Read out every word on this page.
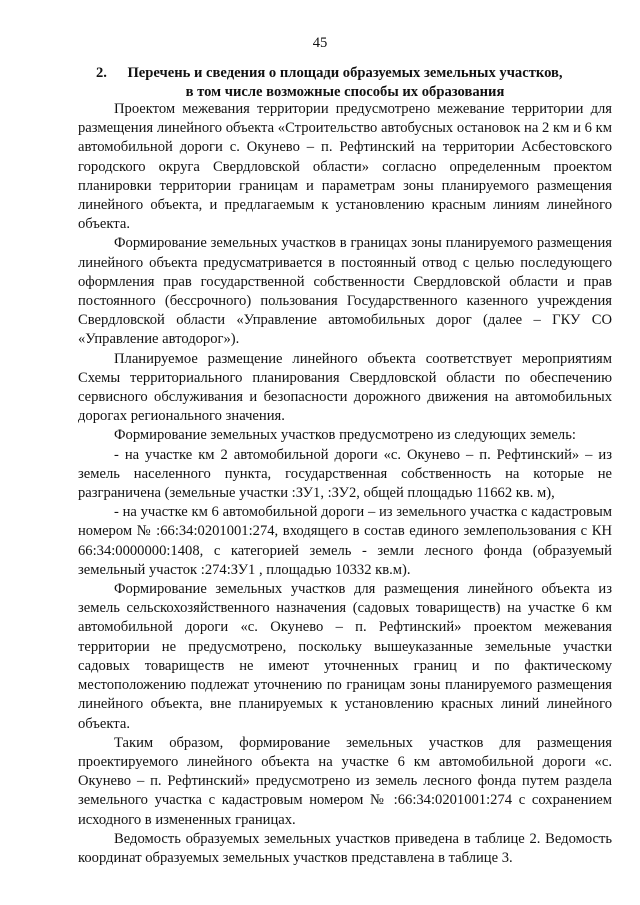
45
2.	Перечень и сведения о площади образуемых земельных участков,
в том числе возможные способы их образования

Проектом межевания территории предусмотрено межевание территории для размещения линейного объекта «Строительство автобусных остановок на 2 км и 6 км автомобильной дороги с. Окунево – п. Рефтинский на территории Асбестовского городского округа Свердловской области» согласно определенным проектом планировки территории границам и параметрам зоны планируемого размещения линейного объекта, и предлагаемым к установлению красным линиям линейного объекта.

Формирование земельных участков в границах зоны планируемого размещения линейного объекта предусматривается в постоянный отвод с целью последующего оформления прав государственной собственности Свердловской области и прав постоянного (бессрочного) пользования Государственного казенного учреждения Свердловской области «Управление автомобильных дорог (далее – ГКУ СО «Управление автодорог»).

Планируемое размещение линейного объекта соответствует мероприятиям Схемы территориального планирования Свердловской области по обеспечению сервисного обслуживания и безопасности дорожного движения на автомобильных дорогах регионального значения.

Формирование земельных участков предусмотрено из следующих земель:

- на участке км 2 автомобильной дороги «с. Окунево – п. Рефтинский» – из земель населенного пункта, государственная собственность на которые не разграничена (земельные участки :ЗУ1, :ЗУ2, общей площадью 11662 кв. м),

- на участке км 6 автомобильной дороги – из земельного участка с кадастровым номером № :66:34:0201001:274, входящего в состав единого землепользования с КН 66:34:0000000:1408, с категорией земель - земли лесного фонда (образуемый земельный участок :274:ЗУ1 , площадью 10332 кв.м).

Формирование земельных участков для размещения линейного объекта из земель сельскохозяйственного назначения (садовых товариществ) на участке 6 км автомобильной дороги «с. Окунево – п. Рефтинский» проектом межевания территории не предусмотрено, поскольку вышеуказанные земельные участки садовых товариществ не имеют уточненных границ и по фактическому местоположению подлежат уточнению по границам зоны планируемого размещения линейного объекта, вне планируемых к установлению красных линий линейного объекта.

Таким образом, формирование земельных участков для размещения проектируемого линейного объекта на участке 6 км автомобильной дороги «с. Окунево – п. Рефтинский» предусмотрено из земель лесного фонда путем раздела земельного участка с кадастровым номером № :66:34:0201001:274 с сохранением исходного в измененных границах.

Ведомость образуемых земельных участков приведена в таблице 2. Ведомость координат образуемых земельных участков представлена в таблице 3.
